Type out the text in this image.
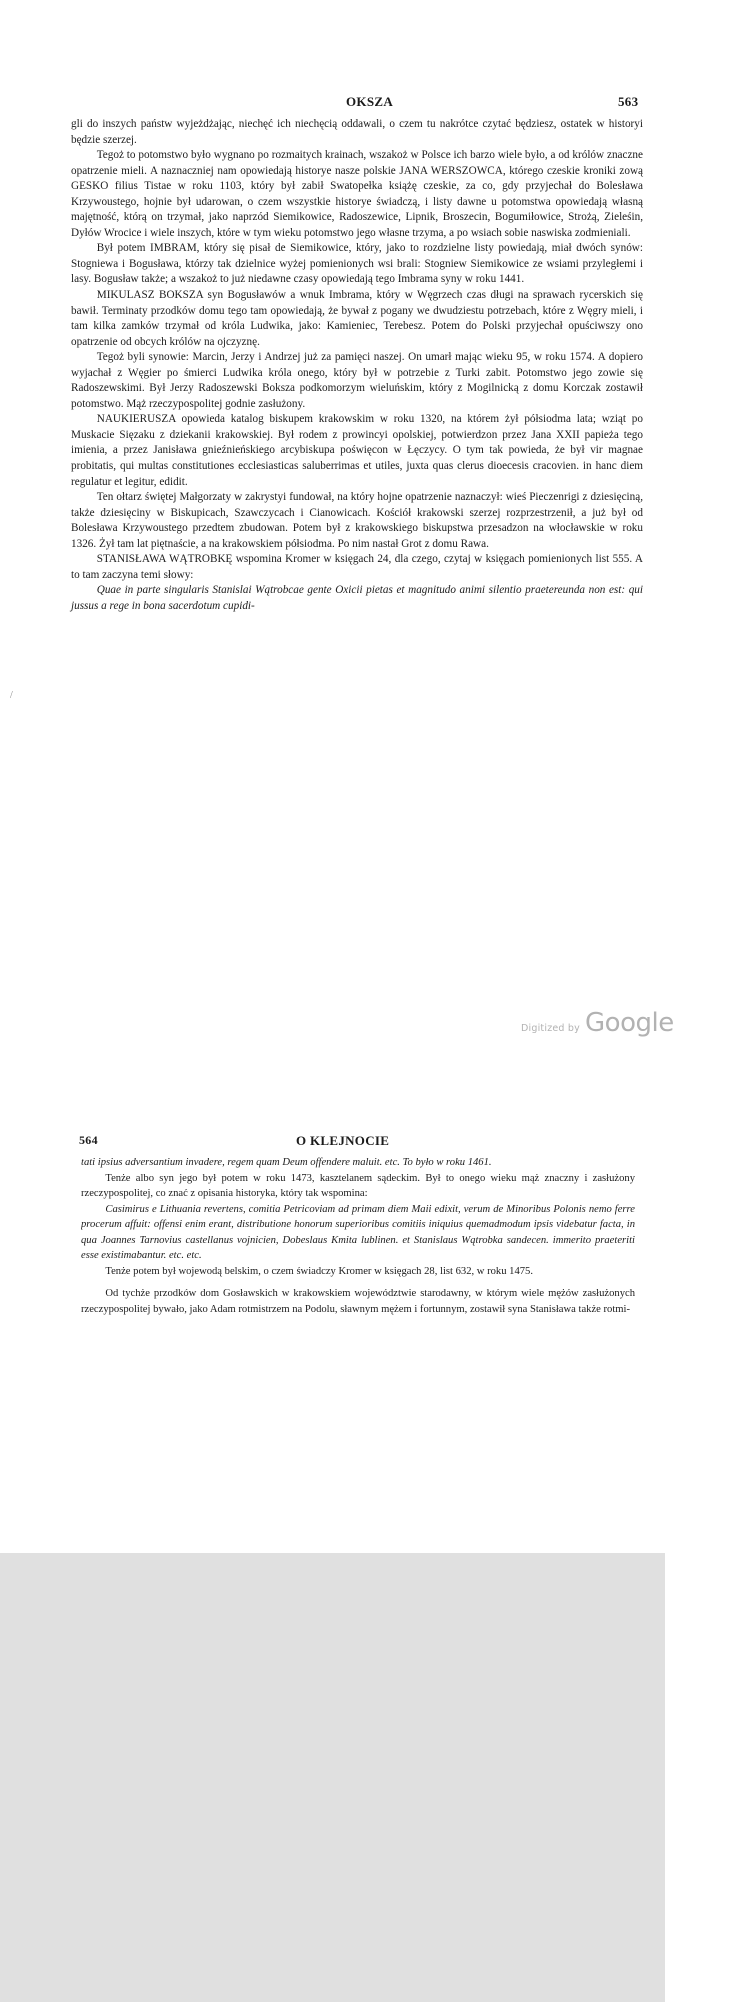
OKSZA	563

gli do inszych państw wyjeżdżając, niechęć ich niechęcią oddawali, o czem tu nakrótce czytać będziesz, ostatek w historyi będzie szerzej.

Tegoż to potomstwo było wygnano po rozmaitych krainach, wszakoż w Polsce ich barzo wiele było, a od królów znaczne opatrzenie mieli. A naznaczniej nam opowiedają historye nasze polskie JANA WERSZOWCA, którego czeskie kroniki zową GESKO filius Tistae w roku 1103, który był zabił Swatopełka książę czeskie, za co, gdy przyjechał do Bolesława Krzywoustego, hojnie był udarowan, o czem wszystkie historye świadczą, i listy dawne u potomstwa opowiedają własną majętność, którą on trzymał, jako naprzód Siemikowice, Radoszewice, Lipnik, Broszecin, Bogumiłowice, Strożą, Zieleśin, Dyłów Wrocice i wiele inszych, które w tym wieku potomstwo jego własne trzyma, a po wsiach sobie naswiska zodmieniali.

Był potem IMBRAM, który się pisał de Siemikowice, który, jako to rozdzielne listy powiedają, miał dwóch synów: Stogniewa i Bogusława, którzy tak dzielnice wyżej pomienionych wsi brali: Stogniew Siemikowice ze wsiami przyległemi i lasy. Bogusław także; a wszakoż to już niedawne czasy opowiedają tego Imbrama syny w roku 1441.

MIKULASZ BOKSZA syn Bogusławów a wnuk Imbrama, który w Węgrzech czas długi na sprawach rycerskich się bawił. Terminaty przodków domu tego tam opowiedają, że bywał z pogany we dwudziestu potrzebach, które z Węgry mieli, i tam kilka zamków trzymał od króla Ludwika, jako: Kamieniec, Terebesz. Potem do Polski przyjechał opuściwszy ono opatrzenie od obcych królów na ojczyznę.

Tegoż byli synowie: Marcin, Jerzy i Andrzej już za pamięci naszej. On umarł mając wieku 95, w roku 1574. A dopiero wyjachał z Węgier po śmierci Ludwika króla onego, który był w potrzebie z Turki zabit. Potomstwo jego zowie się Radoszewskimi. Był Jerzy Radoszewski Boksza podkomorzym wieluńskim, który z Mogilnicką z domu Korczak zostawił potomstwo. Mąż rzeczypospolitej godnie zasłużony.

NAUKIERUSZA opowieda katalog biskupem krakowskim w roku 1320, na którem żył półsiodma lata; wziąt po Muskacie Sięzaku z dziekanii krakowskiej. Był rodem z prowincyi opolskiej, potwierdzon przez Jana XXII papieża tego imienia, a przez Janisława gnieźnieńskiego arcybiskupa poświęcon w Łęczycy. O tym tak powieda, że był vir magnae probitatis, qui multas constitutiones ecclesiasticas saluberrimas et utiles, juxta quas clerus dioecesis cracovien. in hanc diem regulatur et legitur, edidit.

Ten ołtarz świętej Małgorzaty w zakrystyi fundował, na który hojne opatrzenie naznaczył: wieś Pieczenrigi z dziesięciną, także dziesięciny w Biskupicach, Szawczycach i Cianowicach. Kościół krakowski szerzej rozprzestrzenił, a już był od Bolesława Krzywoustego przedtem zbudowan. Potem był z krakowskiego biskupstwa przesadzon na włocławskie w roku 1326. Żył tam lat piętnaście, a na krakowskiem półsiodma. Po nim nastał Grot z domu Rawa.

STANISŁAWA WĄTROBKĘ wspomina Kromer w księgach 24, dla czego, czytaj w księgach pomienionych list 555. A to tam zaczyna temi słowy:

Quae in parte singularis Stanislai Wątrobcae gente Oxicii pietas et magnitudo animi silentio praetereunda non est: qui jussus a rege in bona sacerdotum cupidi-

/
Digitized by Google
564	O KLEJNOCIE

tati ipsius adversantium invadere, regem quam Deum offendere maluit. etc. To było w roku 1461.

Tenże albo syn jego był potem w roku 1473, kasztelanem sądeckim. Był to onego wieku mąż znaczny i zasłużony rzeczypospolitej, co znać z opisania historyka, który tak wspomina:

Casimirus e Lithuania revertens, comitia Petricoviam ad primam diem Maii edixit, verum de Minoribus Polonis nemo ferre procerum affuit: offensi enim erant, distributione honorum superioribus comitiis iniquius quemadmodum ipsis videbatur facta, in qua Joannes Tarnovius castellanus vojnicien, Dobeslaus Kmita lublinen. et Stanislaus Wątrobka sandecen. immerito praeteriti esse existimabantur. etc. etc.

Tenże potem był wojewodą belskim, o czem świadczy Kromer w księgach 28, list 632, w roku 1475.

Od tychże przodków dom Gosławskich w krakowskiem województwie starodawny, w którym wiele mężów zasłużonych rzeczypospolitej bywało, jako Adam rotmistrzem na Podolu, sławnym mężem i fortunnym, zostawił syna Stanisława także rotmi-
